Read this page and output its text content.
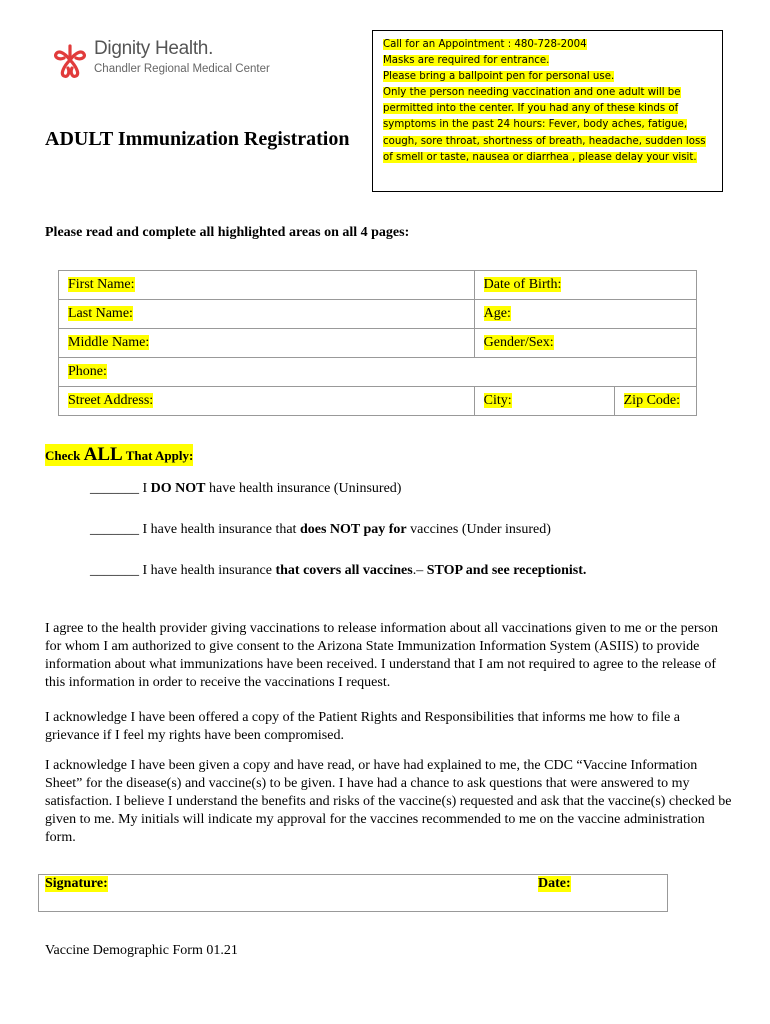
Dignity Health.
Chandler Regional Medical Center
ADULT Immunization Registration
Call for an Appointment : 480-728-2004
Masks are required for entrance.
Please bring a ballpoint pen for personal use.
Only the person needing vaccination and one adult will be
permitted into the center. If you had any of these kinds of
symptoms in the past 24 hours: Fever, body aches, fatigue,
cough, sore throat, shortness of breath, headache, sudden loss
of smell or taste, nausea or diarrhea , please delay your visit.
Please read and complete all highlighted areas on all 4 pages:
First Name:	Date of Birth:	
Last Name:	Age:	
Middle Name:	Gender/Sex:	
Phone:		
Street Address:	City:	Zip Code:
Check ALL That Apply:
_______ I DO NOT have health insurance (Uninsured)
_______ I have health insurance that does NOT pay for vaccines (Under insured)
_______ I have health insurance that covers all vaccines.– STOP and see receptionist.
I agree to the health provider giving vaccinations to release information about all vaccinations given to me or the person for whom I am authorized to give consent to the Arizona State Immunization Information System (ASIIS) to provide information about what immunizations have been received. I understand that I am not required to agree to the release of this information in order to receive the vaccinations I request.
I acknowledge I have been offered a copy of the Patient Rights and Responsibilities that informs me how to file a grievance if I feel my rights have been compromised.
I acknowledge I have been given a copy and have read, or have had explained to me, the CDC “Vaccine Information Sheet” for the disease(s) and vaccine(s) to be given. I have had a chance to ask questions that were answered to my satisfaction. I believe I understand the benefits and risks of the vaccine(s) requested and ask that the vaccine(s) checked be given to me. My initials will indicate my approval for the vaccines recommended to me on the vaccine administration form.
Signature:	Date:
Vaccine Demographic Form 01.21
